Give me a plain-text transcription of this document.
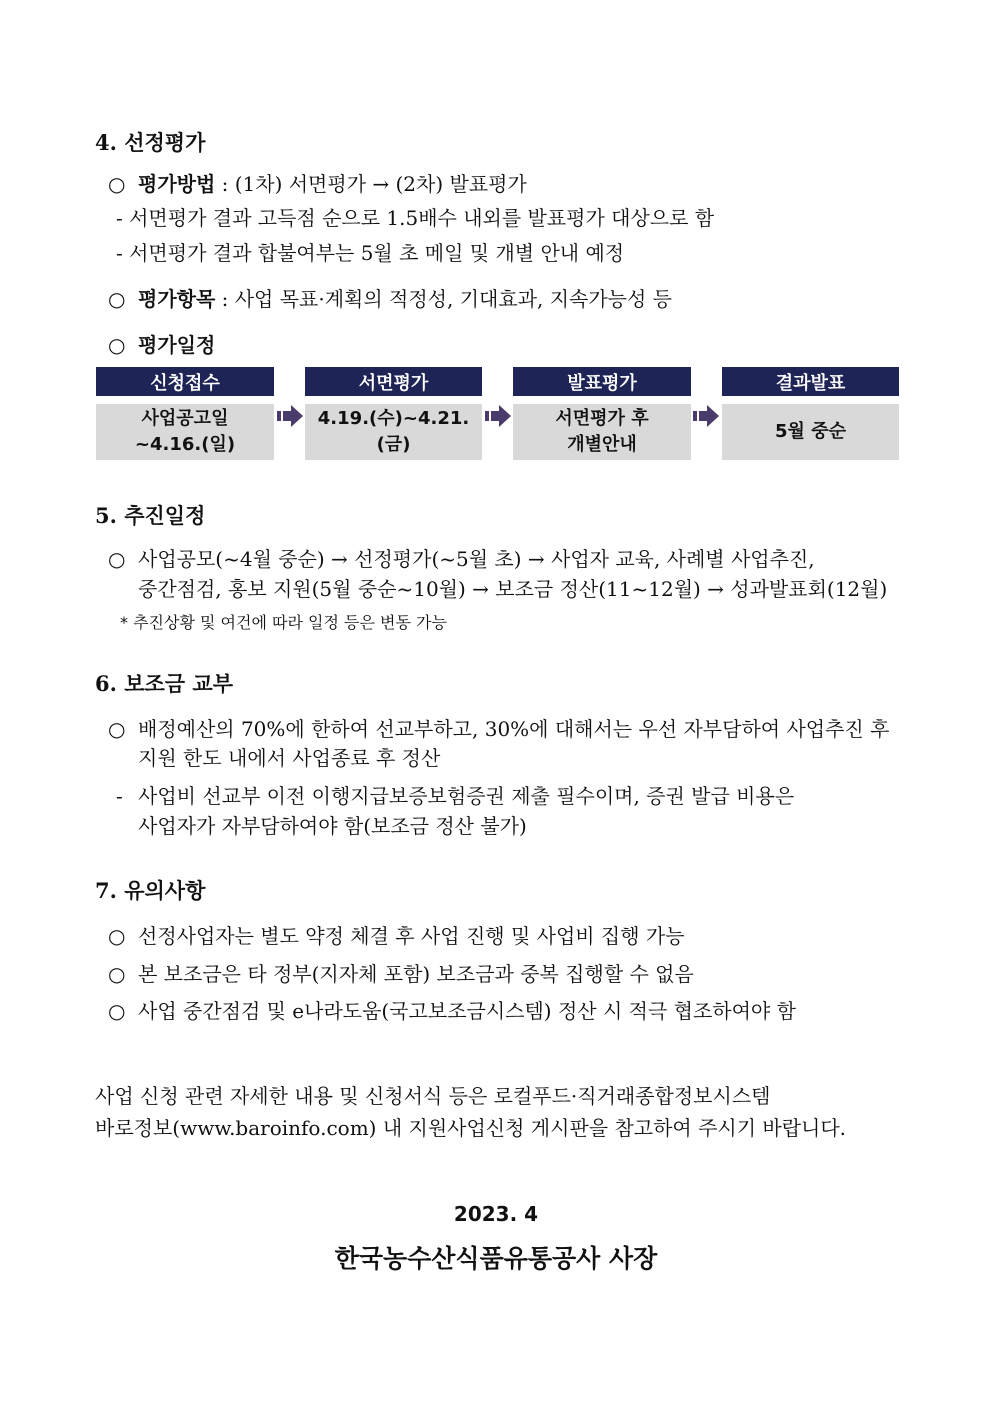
4. 선정평가
○ 평가방법 : (1차) 서면평가 → (2차) 발표평가
- 서면평가 결과 고득점 순으로 1.5배수 내외를 발표평가 대상으로 함
- 서면평가 결과 합불여부는 5월 초 메일 및 개별 안내 예정
○ 평가항목 : 사업 목표·계획의 적정성, 기대효과, 지속가능성 등
○ 평가일정
신청접수
사업공고일
~4.16.(일)
서면평가
4.19.(수)~4.21.(금)
발표평가
서면평가 후
개별안내
결과발표
5월 중순
5. 추진일정
○ 사업공모(~4월 중순) → 선정평가(~5월 초) → 사업자 교육, 사례별 사업추진,
중간점검, 홍보 지원(5월 중순~10월) → 보조금 정산(11~12월) → 성과발표회(12월)
* 추진상황 및 여건에 따라 일정 등은 변동 가능
6. 보조금 교부
○ 배정예산의 70%에 한하여 선교부하고, 30%에 대해서는 우선 자부담하여 사업추진 후
지원 한도 내에서 사업종료 후 정산
- 사업비 선교부 이전 이행지급보증보험증권 제출 필수이며, 증권 발급 비용은
사업자가 자부담하여야 함(보조금 정산 불가)
7. 유의사항
○ 선정사업자는 별도 약정 체결 후 사업 진행 및 사업비 집행 가능
○ 본 보조금은 타 정부(지자체 포함) 보조금과 중복 집행할 수 없음
○ 사업 중간점검 및 e나라도움(국고보조금시스템) 정산 시 적극 협조하여야 함
사업 신청 관련 자세한 내용 및 신청서식 등은 로컬푸드·직거래종합정보시스템
바로정보(www.baroinfo.com) 내 지원사업신청 게시판을 참고하여 주시기 바랍니다.
2023. 4
한국농수산식품유통공사 사장
